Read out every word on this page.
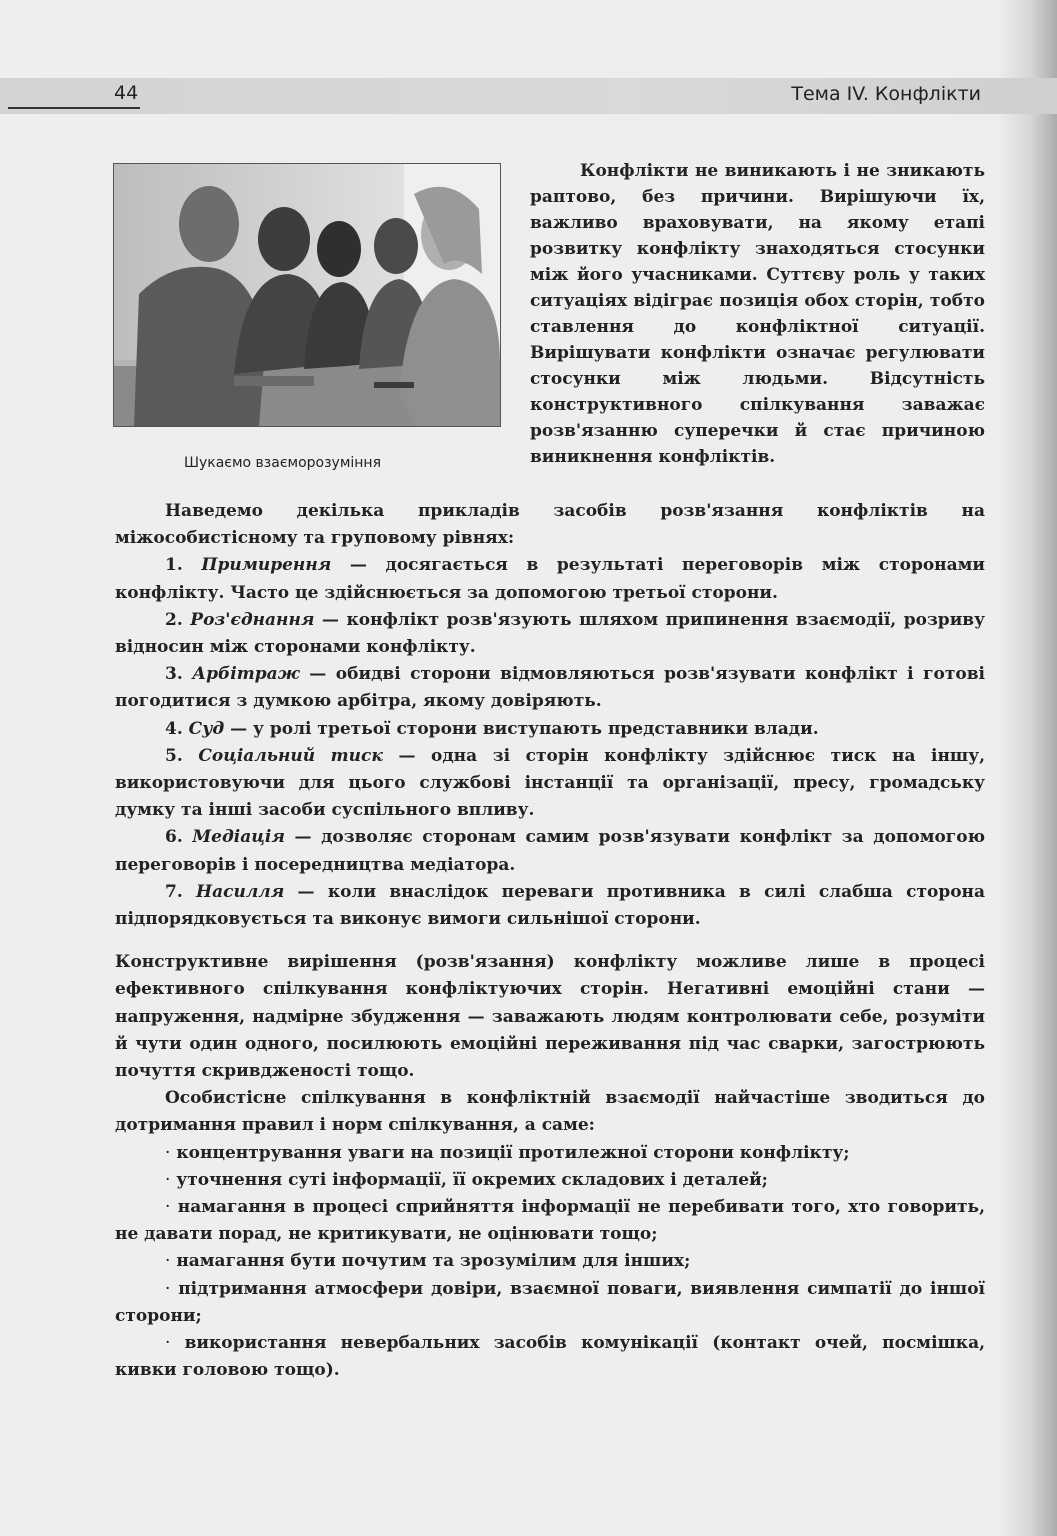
44	Тема IV. Конфлікти
Шукаємо взаєморозуміння
Конфлікти не виникають і не зникають раптово, без причини. Вирішуючи їх, важливо враховувати, на якому етапі розвитку конфлікту знаходяться стосунки між його учасниками. Суттєву роль у таких ситуаціях відіграє позиція обох сторін, тобто ставлення до конфліктної ситуації. Вирішувати конфлікти означає регулювати стосунки між людьми. Відсутність конструктивного спілкування заважає розв'язанню суперечки й стає причиною виникнення конфліктів.

Наведемо декілька прикладів засобів розв'язання конфліктів на міжособистісному та груповому рівнях:

1. Примирення — досягається в результаті переговорів між сторонами конфлікту. Часто це здійснюється за допомогою третьої сторони.

2. Роз'єднання — конфлікт розв'язують шляхом припинення взаємодії, розриву відносин між сторонами конфлікту.

3. Арбітраж — обидві сторони відмовляються розв'язувати конфлікт і готові погодитися з думкою арбітра, якому довіряють.

4. Суд — у ролі третьої сторони виступають представники влади.

5. Соціальний тиск — одна зі сторін конфлікту здійснює тиск на іншу, використовуючи для цього службові інстанції та організації, пресу, громадську думку та інші засоби суспільного впливу.

6. Медіація — дозволяє сторонам самим розв'язувати конфлікт за допомогою переговорів і посередництва медіатора.

7. Насилля — коли внаслідок переваги противника в силі слабша сторона підпорядковується та виконує вимоги сильнішої сторони.

Конструктивне вирішення (розв'язання) конфлікту можливе лише в процесі ефективного спілкування конфліктуючих сторін. Негативні емоційні стани — напруження, надмірне збудження — заважають людям контролювати себе, розуміти й чути один одного, посилюють емоційні переживання під час сварки, загострюють почуття скривдженості тощо.

Особистісне спілкування в конфліктній взаємодії найчастіше зводиться до дотримання правил і норм спілкування, а саме:

· концентрування уваги на позиції протилежної сторони конфлікту;

· уточнення суті інформації, її окремих складових і деталей;

· намагання в процесі сприйняття інформації не перебивати того, хто говорить, не давати порад, не критикувати, не оцінювати тощо;

· намагання бути почутим та зрозумілим для інших;

· підтримання атмосфери довіри, взаємної поваги, виявлення симпатії до іншої сторони;

· використання невербальних засобів комунікації (контакт очей, посмішка, кивки головою тощо).
